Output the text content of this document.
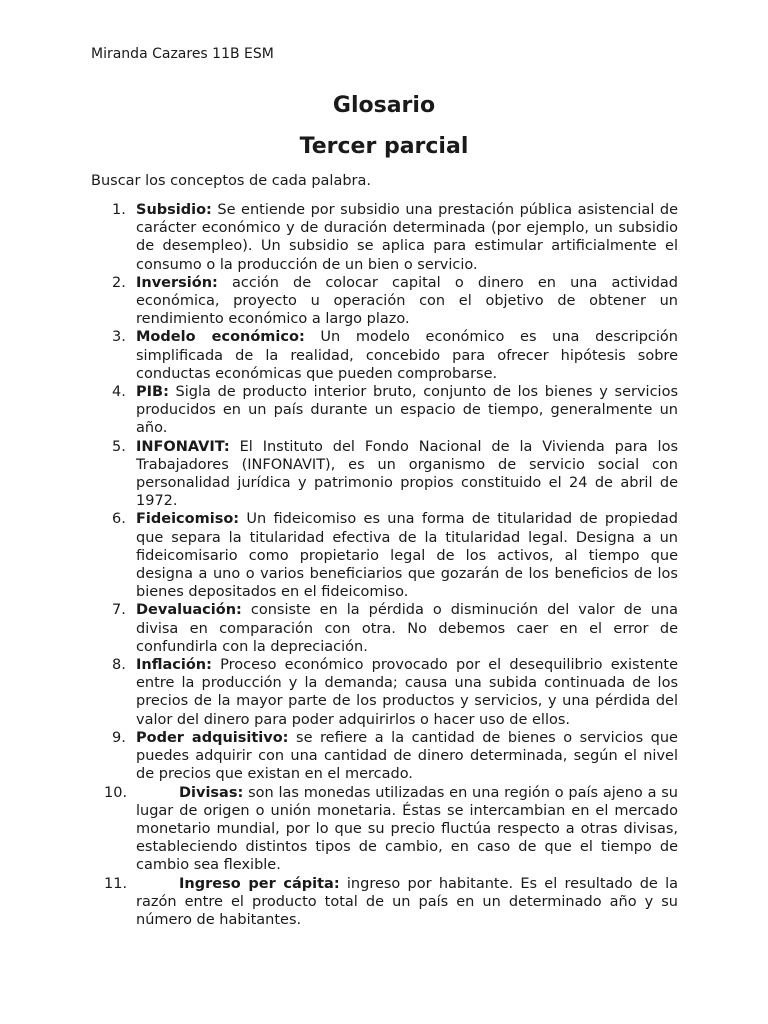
Miranda Cazares 11B ESM
Glosario
Tercer parcial
Buscar los conceptos de cada palabra.
1. Subsidio: Se entiende por subsidio una prestación pública asistencial de carácter económico y de duración determinada (por ejemplo, un subsidio de desempleo). Un subsidio se aplica para estimular artificialmente el consumo o la producción de un bien o servicio.
2. Inversión: acción de colocar capital o dinero en una actividad económica, proyecto u operación con el objetivo de obtener un rendimiento económico a largo plazo.
3. Modelo económico: Un modelo económico es una descripción simplificada de la realidad, concebido para ofrecer hipótesis sobre conductas económicas que pueden comprobarse.
4. PIB: Sigla de producto interior bruto, conjunto de los bienes y servicios producidos en un país durante un espacio de tiempo, generalmente un año.
5. INFONAVIT: El Instituto del Fondo Nacional de la Vivienda para los Trabajadores (INFONAVIT), es un organismo de servicio social con personalidad jurídica y patrimonio propios constituido el 24 de abril de 1972.
6. Fideicomiso: Un fideicomiso es una forma de titularidad de propiedad que separa la titularidad efectiva de la titularidad legal. Designa a un fideicomisario como propietario legal de los activos, al tiempo que designa a uno o varios beneficiarios que gozarán de los beneficios de los bienes depositados en el fideicomiso.
7. Devaluación: consiste en la pérdida o disminución del valor de una divisa en comparación con otra. No debemos caer en el error de confundirla con la depreciación.
8. Inflación: Proceso económico provocado por el desequilibrio existente entre la producción y la demanda; causa una subida continuada de los precios de la mayor parte de los productos y servicios, y una pérdida del valor del dinero para poder adquirirlos o hacer uso de ellos.
9. Poder adquisitivo: se refiere a la cantidad de bienes o servicios que puedes adquirir con una cantidad de dinero determinada, según el nivel de precios que existan en el mercado.
10.	Divisas: son las monedas utilizadas en una región o país ajeno a su lugar de origen o unión monetaria. Éstas se intercambian en el mercado monetario mundial, por lo que su precio fluctúa respecto a otras divisas, estableciendo distintos tipos de cambio, en caso de que el tiempo de cambio sea flexible.
11.	Ingreso per cápita: ingreso por habitante. Es el resultado de la razón entre el producto total de un país en un determinado año y su número de habitantes.
